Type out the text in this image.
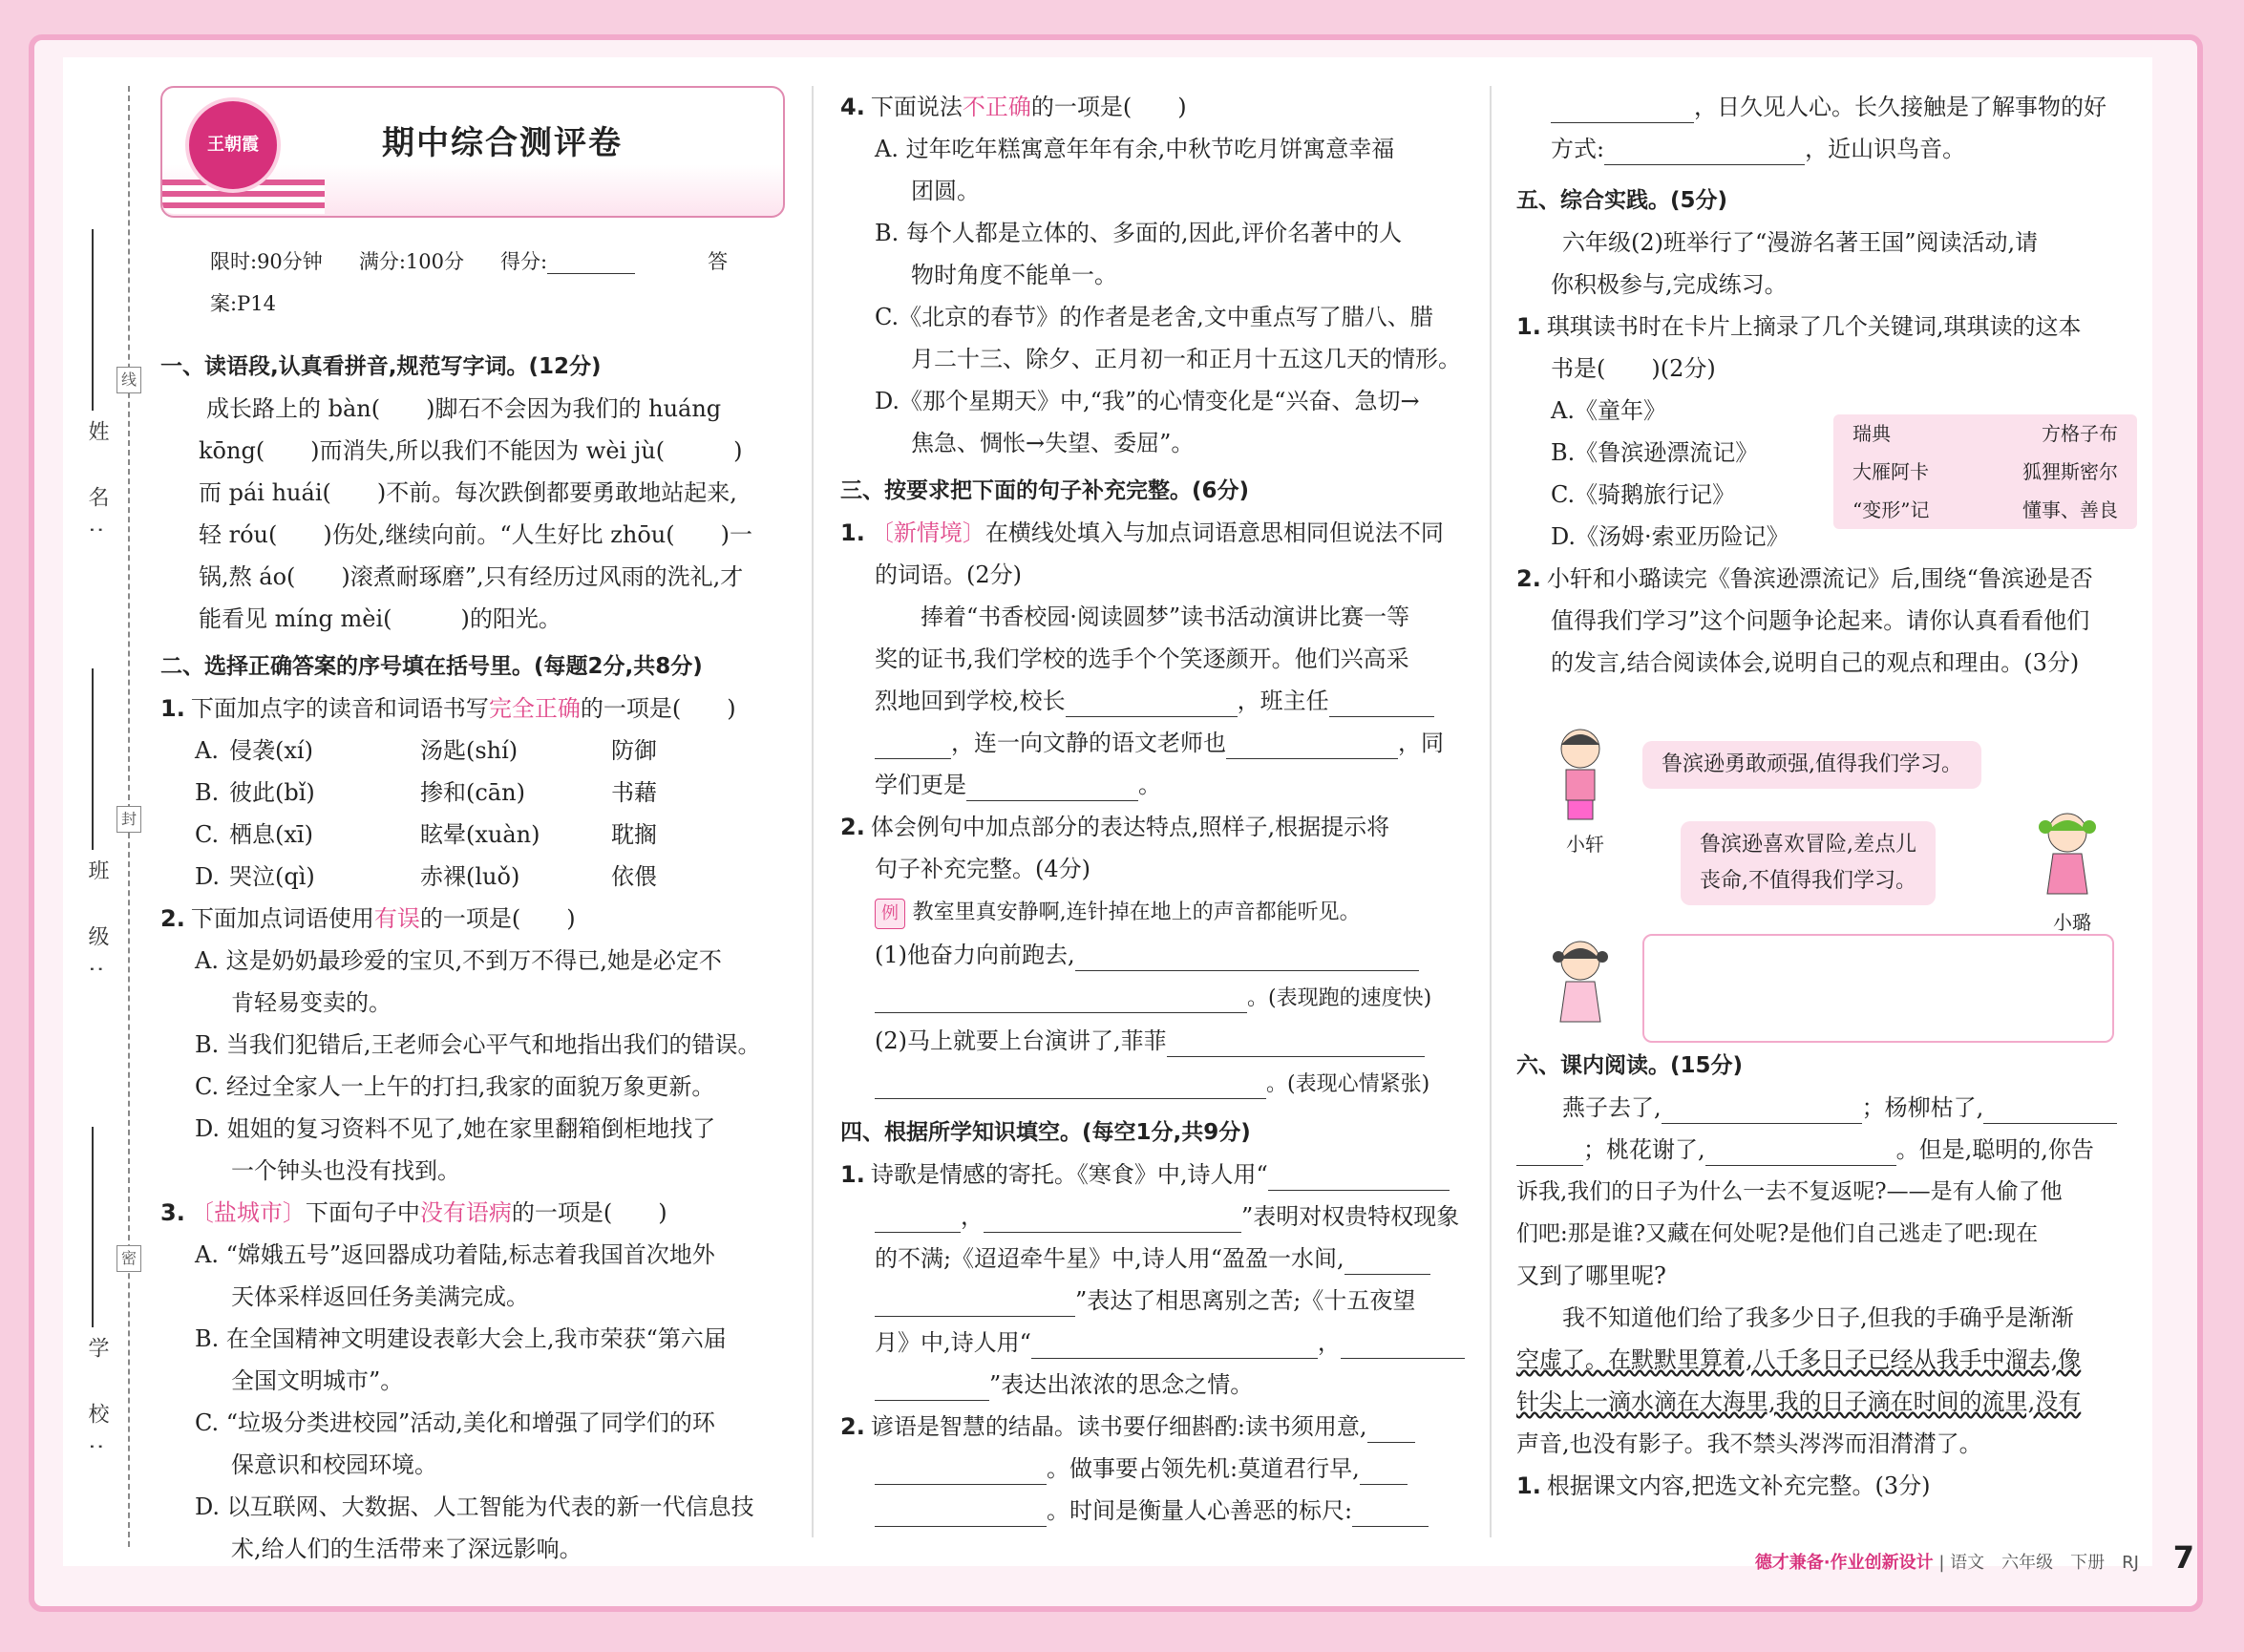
姓 名:
班 级:
学 校:
线
封
密
王朝霞	期中综合测评卷
限时:90分钟 满分:100分 得分:	答案:P14
一、读语段,认真看拼音,规范写字词。(12分)

成长路上的 bàn(　　)脚石不会因为我们的 huáng

kōng(　　)而消失,所以我们不能因为 wèi jù(　　　)

而 pái huái(　　)不前。每次跌倒都要勇敢地站起来,

轻 róu(　　)伤处,继续向前。“人生好比 zhōu(　　)一

锅,熬 áo(　　)滚煮耐琢磨”,只有经历过风雨的洗礼,才

能看见 míng mèi(　　　)的阳光。

二、选择正确答案的序号填在括号里。(每题2分,共8分)

1. 下面加点字的读音和词语书写完全正确的一项是(　　)

A. 侵袭(xí)	汤匙(shí)	防御
B. 彼此(bǐ)	掺和(cān)	书藉
C. 栖息(xī)	眩晕(xuàn)	耽搁
D. 哭泣(qì)	赤裸(luǒ)	依偎

2. 下面加点词语使用有误的一项是(　　)

A. 这是奶奶最珍爱的宝贝,不到万不得已,她是必定不

肯轻易变卖的。

B. 当我们犯错后,王老师会心平气和地指出我们的错误。

C. 经过全家人一上午的打扫,我家的面貌万象更新。

D. 姐姐的复习资料不见了,她在家里翻箱倒柜地找了

一个钟头也没有找到。

3. 〔盐城市〕下面句子中没有语病的一项是(　　)

A. “嫦娥五号”返回器成功着陆,标志着我国首次地外

天体采样返回任务美满完成。

B. 在全国精神文明建设表彰大会上,我市荣获“第六届

全国文明城市”。

C. “垃圾分类进校园”活动,美化和增强了同学们的环

保意识和校园环境。

D. 以互联网、大数据、人工智能为代表的新一代信息技

术,给人们的生活带来了深远影响。

4. 下面说法不正确的一项是(　　)

A. 过年吃年糕寓意年年有余,中秋节吃月饼寓意幸福

团圆。

B. 每个人都是立体的、多面的,因此,评价名著中的人

物时角度不能单一。

C.《北京的春节》的作者是老舍,文中重点写了腊八、腊

月二十三、除夕、正月初一和正月十五这几天的情形。

D.《那个星期天》中,“我”的心情变化是“兴奋、急切→

焦急、惆怅→失望、委屈”。

三、按要求把下面的句子补充完整。(6分)

1. 〔新情境〕在横线处填入与加点词语意思相同但说法不同

的词语。(2分)

捧着“书香校园·阅读圆梦”读书活动演讲比赛一等

奖的证书,我们学校的选手个个笑逐颜开。他们兴高采

烈地回到学校,校长	，班主任

，连一向文静的语文老师也	，同

学们更是	。

2. 体会例句中加点部分的表达特点,照样子,根据提示将

句子补充完整。(4分)

例 教室里真安静啊,连针掉在地上的声音都能听见。

(1)他奋力向前跑去,

。(表现跑的速度快)

(2)马上就要上台演讲了,菲菲

。(表现心情紧张)

四、根据所学知识填空。(每空1分,共9分)

1. 诗歌是情感的寄托。《寒食》中,诗人用“

，	”表明对权贵特权现象

的不满;《迢迢牵牛星》中,诗人用“盈盈一水间,

”表达了相思离别之苦;《十五夜望

月》中,诗人用“	，

”表达出浓浓的思念之情。

2. 谚语是智慧的结晶。读书要仔细斟酌:读书须用意,

。做事要占领先机:莫道君行早,

。时间是衡量人心善恶的标尺:

，日久见人心。长久接触是了解事物的好

方式:	，近山识鸟音。

五、综合实践。(5分)

六年级(2)班举行了“漫游名著王国”阅读活动,请

你积极参与,完成练习。

1. 琪琪读书时在卡片上摘录了几个关键词,琪琪读的这本

书是(　　)(2分)

A.《童年》

B.《鲁滨逊漂流记》

C.《骑鹅旅行记》

D.《汤姆·索亚历险记》

2. 小轩和小璐读完《鲁滨逊漂流记》后,围绕“鲁滨逊是否

值得我们学习”这个问题争论起来。请你认真看看他们

的发言,结合阅读体会,说明自己的观点和理由。(3分)

六、课内阅读。(15分)

燕子去了,	；杨柳枯了,

；桃花谢了,	。但是,聪明的,你告

诉我,我们的日子为什么一去不复返呢?——是有人偷了他

们吧:那是谁?又藏在何处呢?是他们自己逃走了吧:现在

又到了哪里呢?

我不知道他们给了我多少日子,但我的手确乎是渐渐

空虚了。在默默里算着,八千多日子已经从我手中溜去,像

针尖上一滴水滴在大海里,我的日子滴在时间的流里,没有

声音,也没有影子。我不禁头涔涔而泪潸潸了。

1. 根据课文内容,把选文补充完整。(3分)

瑞典	方格子布
大雁阿卡	狐狸斯密尔
“变形”记	懂事、善良
小轩
鲁滨逊勇敢顽强,值得我们学习。
鲁滨逊喜欢冒险,差点儿
丧命,不值得我们学习。
小璐
德才兼备·作业创新设计 | 语文　六年级　下册　RJ 7
